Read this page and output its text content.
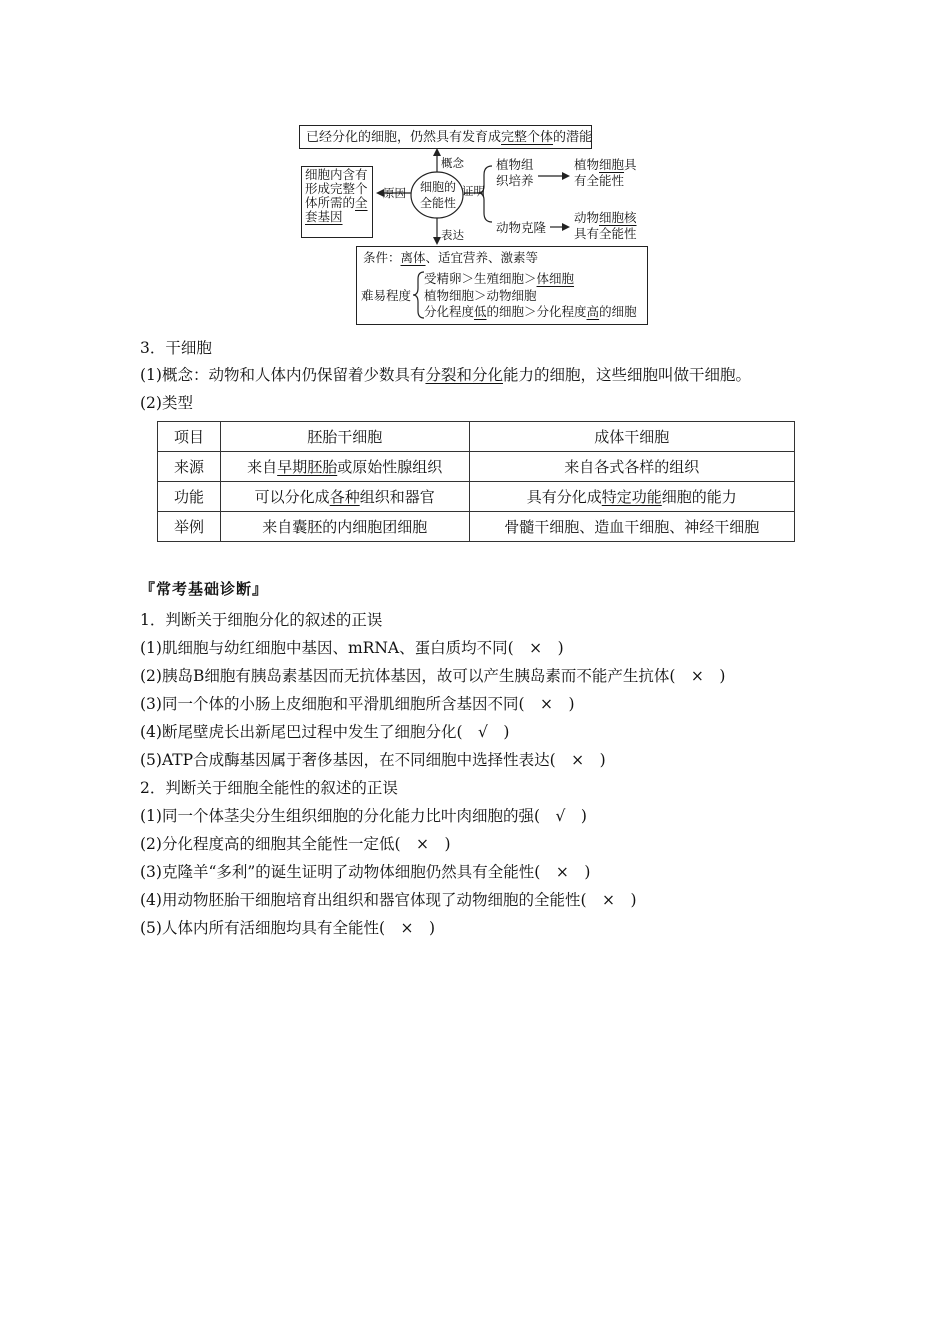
已经分化的细胞，仍然具有发育成完整个体的潜能
细胞内含有
形成完整个
体所需的全
套基因
细胞的
全能性
概念
原因	证明
表达
植物组
织培养
植物细胞具
有全能性
动物克隆
动物细胞核
具有全能性
条件：离体、适宜营养、激素等
难易程度
受精卵＞生殖细胞＞体细胞
植物细胞＞动物细胞
分化程度低的细胞＞分化程度高的细胞
3．干细胞
(1)概念：动物和人体内仍保留着少数具有分裂和分化能力的细胞，这些细胞叫做干细胞。
(2)类型
项目	胚胎干细胞	成体干细胞
来源	来自早期胚胎或原始性腺组织	来自各式各样的组织
功能	可以分化成各种组织和器官	具有分化成特定功能细胞的能力
举例	来自囊胚的内细胞团细胞	骨髓干细胞、造血干细胞、神经干细胞
『常考基础诊断』
1．判断关于细胞分化的叙述的正误
(1)肌细胞与幼红细胞中基因、mRNA、蛋白质均不同(　×　)
(2)胰岛B细胞有胰岛素基因而无抗体基因，故可以产生胰岛素而不能产生抗体(　×　)
(3)同一个体的小肠上皮细胞和平滑肌细胞所含基因不同(　×　)
(4)断尾壁虎长出新尾巴过程中发生了细胞分化(　√　)
(5)ATP合成酶基因属于奢侈基因，在不同细胞中选择性表达(　×　)
2．判断关于细胞全能性的叙述的正误
(1)同一个体茎尖分生组织细胞的分化能力比叶肉细胞的强(　√　)
(2)分化程度高的细胞其全能性一定低(　×　)
(3)克隆羊“多利”的诞生证明了动物体细胞仍然具有全能性(　×　)
(4)用动物胚胎干细胞培育出组织和器官体现了动物细胞的全能性(　×　)
(5)人体内所有活细胞均具有全能性(　×　)
